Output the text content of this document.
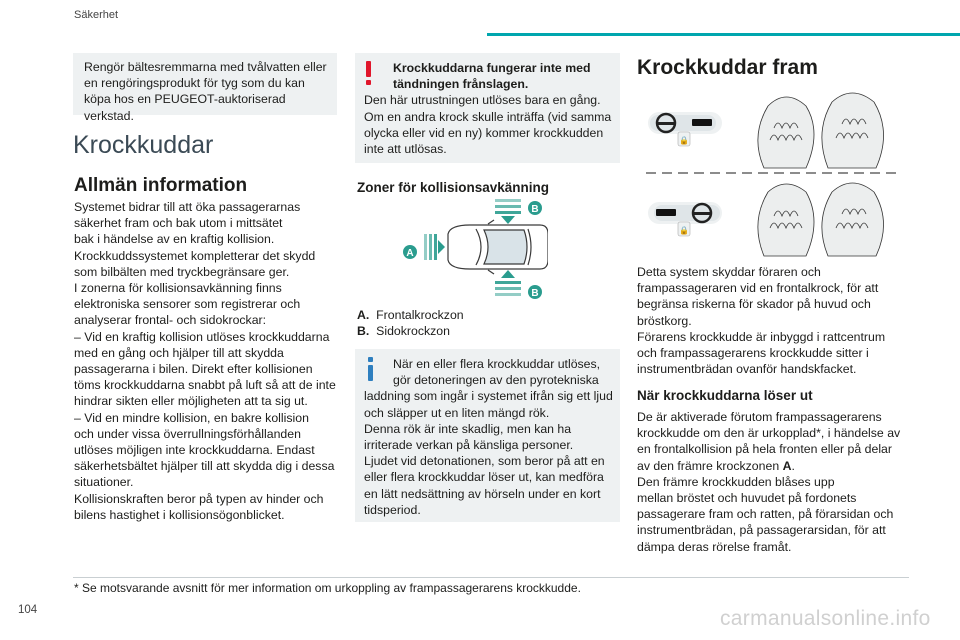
Säkerhet

Rengör bältesremmarna med tvålvatten eller en rengöringsprodukt för tyg som du kan köpa hos en PEUGEOT-auktoriserad verkstad.

Krockkuddar
Allmän information

Systemet bidrar till att öka passagerarnas

säkerhet fram och bak utom i mittsätet

bak i händelse av en kraftig kollision.

Krockkuddssystemet kompletterar det skydd

som bilbälten med tryckbegränsare ger.

I zonerna för kollisionsavkänning finns

elektroniska sensorer som registrerar och

analyserar frontal- och sidokrockar:

– Vid en kraftig kollision utlöses krockkuddarna

med en gång och hjälper till att skydda

passagerarna i bilen. Direkt efter kollisionen

töms krockkuddarna snabbt på luft så att de inte

hindrar sikten eller möjligheten att ta sig ut.

– Vid en mindre kollision, en bakre kollision

och under vissa överrullningsförhållanden

utlöses möjligen inte krockkuddarna. Endast

säkerhetsbältet hjälper till att skydda dig i dessa

situationer.

Kollisionskraften beror på typen av hinder och

bilens hastighet i kollisionsögonblicket.

Krockkuddarna fungerar inte med
tändningen frånslagen.
Den här utrustningen utlöses bara en gång.
Om en andra krock skulle inträffa (vid samma
olycka eller vid en ny) kommer krockkudden
inte att utlösas.
Zoner för kollisionsavkänning
A
B
B
A. Frontalkrockzon
B. Sidokrockzon
När en eller flera krockkuddar utlöses,
gör detoneringen av den pyrotekniska
laddning som ingår i systemet ifrån sig ett ljud
och släpper ut en liten mängd rök.
Denna rök är inte skadlig, men kan ha
irriterade verkan på känsliga personer.
Ljudet vid detonationen, som beror på att en
eller flera krockkuddar löser ut, kan medföra
en lätt nedsättning av hörseln under en kort
tidsperiod.
Krockkuddar fram
🔒
🔒

Detta system skyddar föraren och

frampassageraren vid en frontalkrock, för att

begränsa riskerna för skador på huvud och

bröstkorg.

Förarens krockkudde är inbyggd i rattcentrum

och frampassagerarens krockkudde sitter i

instrumentbrädan ovanför handskfacket.

När krockkuddarna löser ut

De är aktiverade förutom frampassagerarens

krockkudde om den är urkopplad*, i händelse av

en frontalkollision på hela fronten eller på delar

av den främre krockzonen A.

Den främre krockkudden blåses upp

mellan bröstet och huvudet på fordonets

passagerare fram och ratten, på förarsidan och

instrumentbrädan, på passagerarsidan, för att

dämpa deras rörelse framåt.

* Se motsvarande avsnitt för mer information om urkoppling av frampassagerarens krockkudde.
104	carmanualsonline.info
